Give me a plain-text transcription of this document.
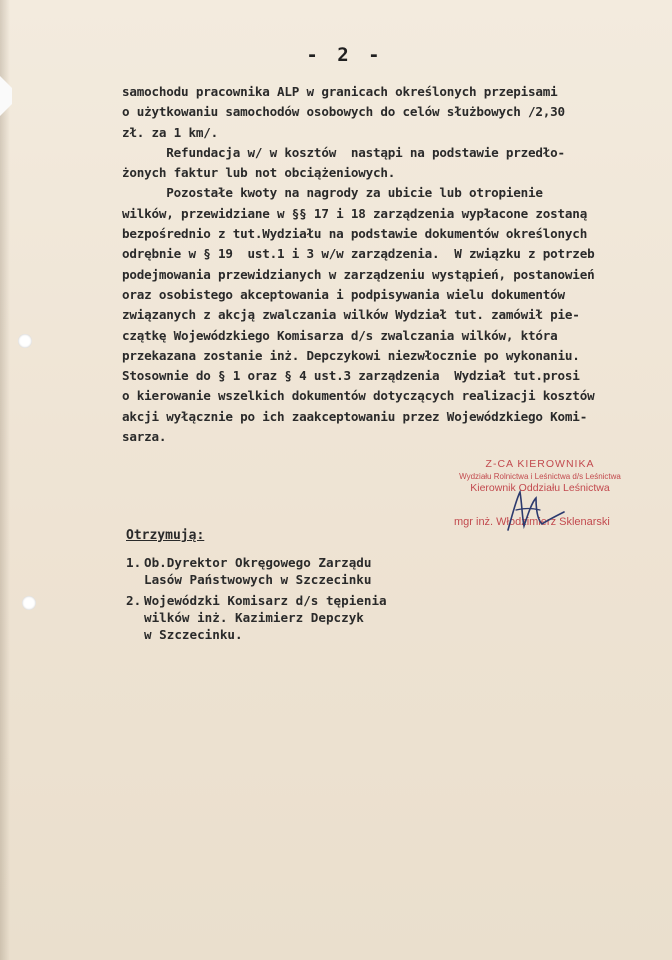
- 2 -
samochodu pracownika ALP w granicach określonych przepisami
o użytkowaniu samochodów osobowych do celów służbowych /2,30
zł. za 1 km/.
Refundacja w/ w kosztów  nastąpi na podstawie przedło-
żonych faktur lub not obciążeniowych.
Pozostałe kwoty na nagrody za ubicie lub otropienie
wilków, przewidziane w §§ 17 i 18 zarządzenia wypłacone zostaną
bezpośrednio z tut.Wydziału na podstawie dokumentów określonych
odrębnie w § 19  ust.1 i 3 w/w zarządzenia.  W związku z potrzeb
podejmowania przewidzianych w zarządzeniu wystąpień, postanowień
oraz osobistego akceptowania i podpisywania wielu dokumentów
związanych z akcją zwalczania wilków Wydział tut. zamówił pie-
czątkę Wojewódzkiego Komisarza d/s zwalczania wilków, która
przekazana zostanie inż. Depczykowi niezwłocznie po wykonaniu.
Stosownie do § 1 oraz § 4 ust.3 zarządzenia  Wydział tut.prosi
o kierowanie wszelkich dokumentów dotyczących realizacji kosztów
akcji wyłącznie po ich zaakceptowaniu przez Wojewódzkiego Komi-
sarza.
Z-CA KIEROWNIKA
Wydziału Rolnictwa i Leśnictwa d/s Leśnictwa
Kierownik Oddziału Leśnictwa
mgr inż. Włodzimierz Sklenarski
Otrzymują:
1. Ob.Dyrektor Okręgowego Zarządu
Lasów Państwowych w Szczecinku
2. Wojewódzki Komisarz d/s tępienia
wilków inż. Kazimierz Depczyk
w Szczecinku.
